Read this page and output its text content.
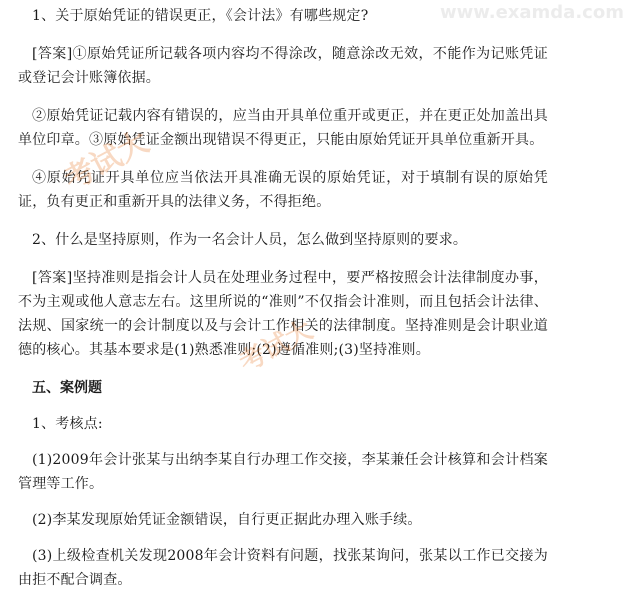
1、关于原始凭证的错误更正，《会计法》有哪些规定?

[答案]①原始凭证所记载各项内容均不得涂改，随意涂改无效，不能作为记账凭证或登记会计账簿依据。

②原始凭证记载内容有错误的，应当由开具单位重开或更正，并在更正处加盖出具单位印章。③原始凭证金额出现错误不得更正，只能由原始凭证开具单位重新开具。

④原始凭证开具单位应当依法开具准确无误的原始凭证，对于填制有误的原始凭证，负有更正和重新开具的法律义务，不得拒绝。

2、什么是坚持原则，作为一名会计人员，怎么做到坚持原则的要求。

[答案]坚持准则是指会计人员在处理业务过程中，要严格按照会计法律制度办事，不为主观或他人意志左右。这里所说的“准则”不仅指会计准则，而且包括会计法律、法规、国家统一的会计制度以及与会计工作相关的法律制度。坚持准则是会计职业道德的核心。其基本要求是(1)熟悉准则;(2)遵循准则;(3)坚持准则。

五、案例题

1、考核点:

(1)2009年会计张某与出纳李某自行办理工作交接，李某兼任会计核算和会计档案管理等工作。

(2)李某发现原始凭证金额错误，自行更正据此办理入账手续。

(3)上级检查机关发现2008年会计资料有问题，找张某询问，张某以工作已交接为由拒不配合调查。

考试大
考试大
www.examda.com
